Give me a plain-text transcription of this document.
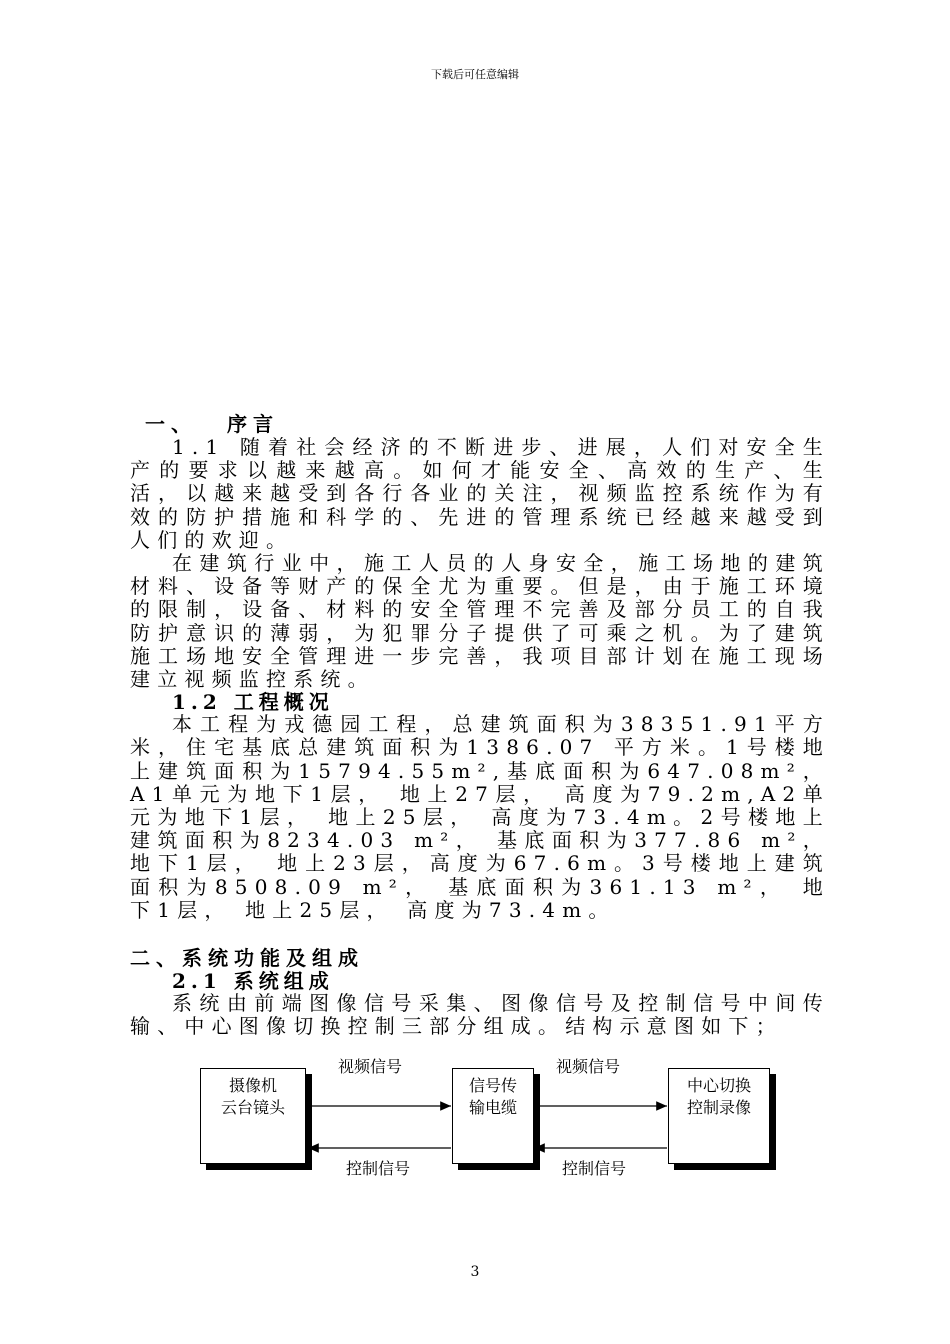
下载后可任意编辑
一、 序言

1.1 随着社会经济的不断进步、进展，人们对安全生产的要求以越来越高。如何才能安全、高效的生产、生活，以越来越受到各行各业的关注，视频监控系统作为有效的防护措施和科学的、先进的管理系统已经越来越受到人们的欢迎。

在建筑行业中，施工人员的人身安全，施工场地的建筑材料、设备等财产的保全尤为重要。但是，由于施工环境的限制，设备、材料的安全管理不完善及部分员工的自我防护意识的薄弱，为犯罪分子提供了可乘之机。为了建筑施工场地安全管理进一步完善，我项目部计划在施工现场建立视频监控系统。

1.2 工程概况

本工程为戎德园工程，总建筑面积为38351.91平方米，住宅基底总建筑面积为1386.07 平方米。1号楼地上建筑面积为15794.55m²,基底面积为647.08m²， A1单元为地下1层， 地上27层， 高度为79.2m,A2单元为地下1层， 地上25层， 高度为73.4m。2号楼地上建筑面积为8234.03 m²， 基底面积为377.86 m²， 地下1层， 地上23层，高度为67.6m。3号楼地上建筑面积为8508.09 m²， 基底面积为361.13 m²， 地下1层， 地上25层， 高度为73.4m。

二、系统功能及组成
2.1 系统组成

系统由前端图像信号采集、图像信号及控制信号中间传输、中心图像切换控制三部分组成。结构示意图如下；

摄像机
云台镜头
信号传
输电缆
中心切换
控制录像
视频信号	视频信号
控制信号	控制信号
3
